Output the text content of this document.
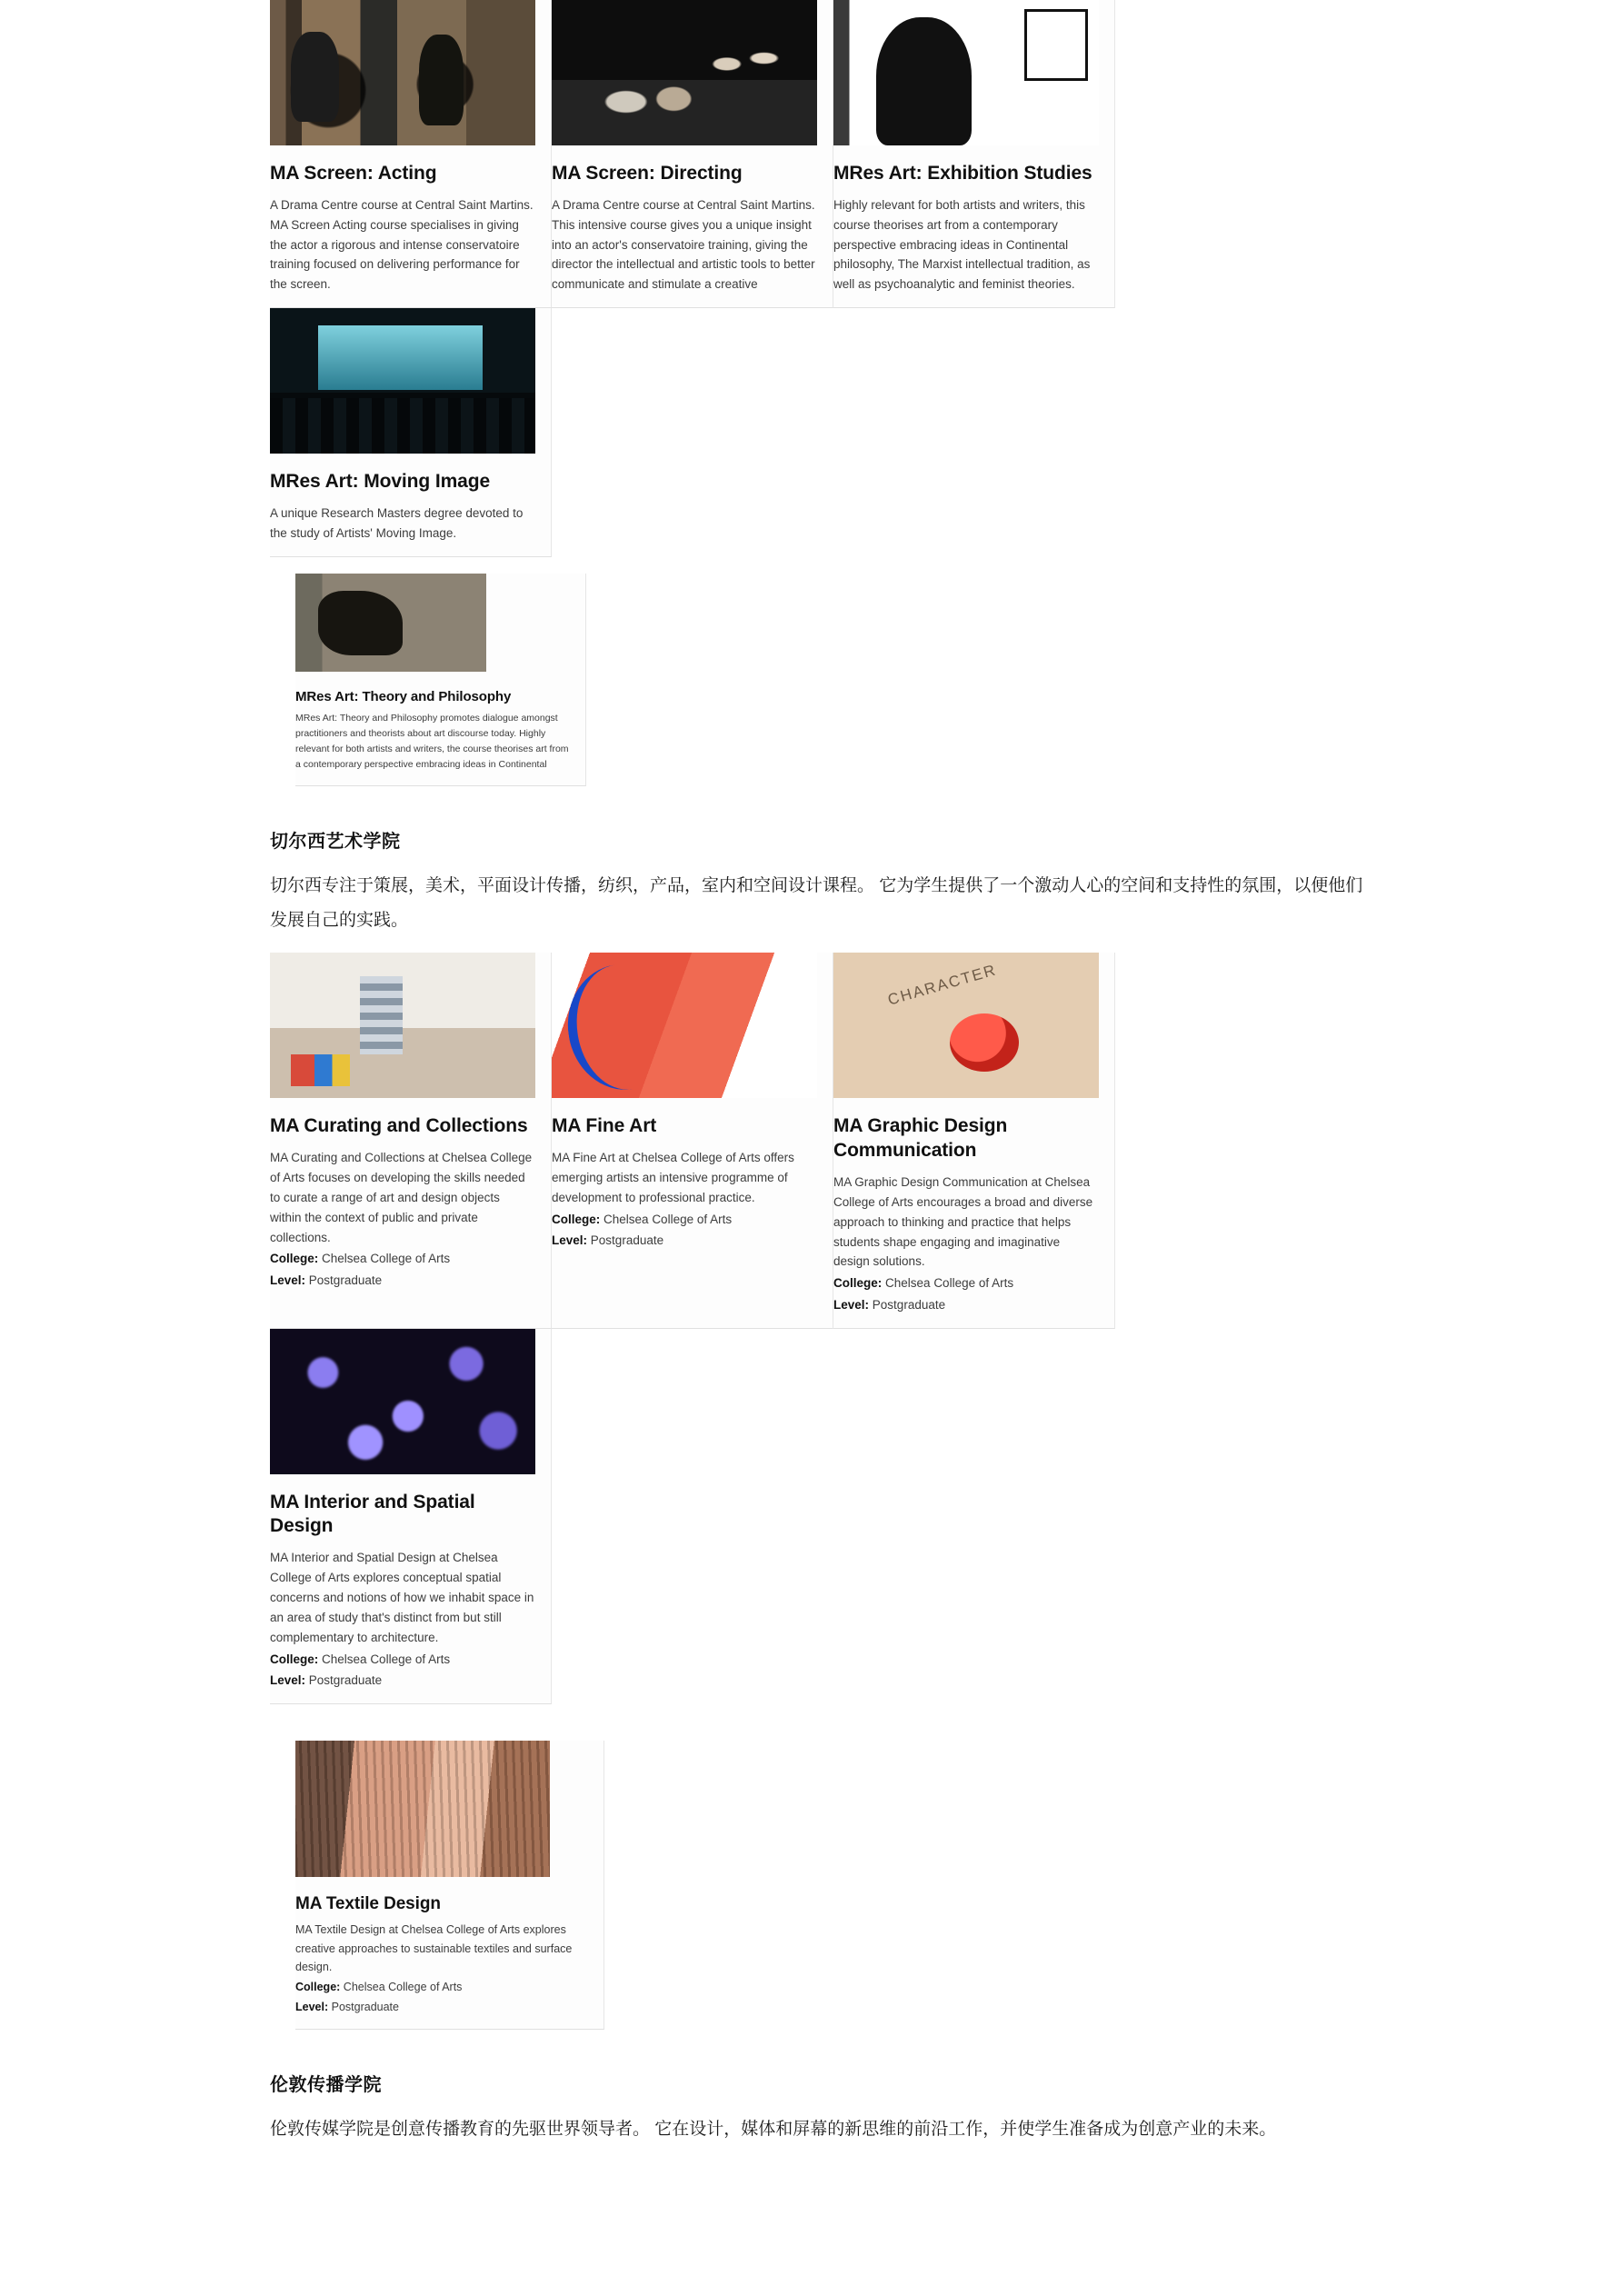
MA Screen: Acting
A Drama Centre course at Central Saint Martins. MA Screen Acting course specialises in giving the actor a rigorous and intense conservatoire training focused on delivering performance for the screen.
MA Screen: Directing
A Drama Centre course at Central Saint Martins. This intensive course gives you a unique insight into an actor's conservatoire training, giving the director the intellectual and artistic tools to better communicate and stimulate a creative
MRes Art: Exhibition Studies
Highly relevant for both artists and writers, this course theorises art from a contemporary perspective embracing ideas in Continental philosophy, The Marxist intellectual tradition, as well as psychoanalytic and feminist theories.
MRes Art: Moving Image
A unique Research Masters degree devoted to the study of Artists' Moving Image.
MRes Art: Theory and Philosophy
MRes Art: Theory and Philosophy promotes dialogue amongst practitioners and theorists about art discourse today. Highly relevant for both artists and writers, the course theorises art from a contemporary perspective embracing ideas in Continental
切尔西艺术学院

切尔西专注于策展，美术，平面设计传播，纺织，产品，室内和空间设计课程。 它为学生提供了一个激动人心的空间和支持性的氛围，以便他们发展自己的实践。

MA Curating and Collections
MA Curating and Collections at Chelsea College of Arts focuses on developing the skills needed to curate a range of art and design objects within the context of public and private collections.
College: Chelsea College of Arts
Level: Postgraduate
MA Fine Art
MA Fine Art at Chelsea College of Arts offers emerging artists an intensive programme of development to professional practice.
College: Chelsea College of Arts
Level: Postgraduate
CHARACTER
MA Graphic Design Communication
MA Graphic Design Communication at Chelsea College of Arts encourages a broad and diverse approach to thinking and practice that helps students shape engaging and imaginative design solutions.
College: Chelsea College of Arts
Level: Postgraduate
MA Interior and Spatial Design
MA Interior and Spatial Design at Chelsea College of Arts explores conceptual spatial concerns and notions of how we inhabit space in an area of study that's distinct from but still complementary to architecture.
College: Chelsea College of Arts
Level: Postgraduate
MA Textile Design
MA Textile Design at Chelsea College of Arts explores creative approaches to sustainable textiles and surface design.
College: Chelsea College of Arts
Level: Postgraduate
伦敦传播学院

伦敦传媒学院是创意传播教育的先驱世界领导者。 它在设计，媒体和屏幕的新思维的前沿工作，并使学生准备成为创意产业的未来。
